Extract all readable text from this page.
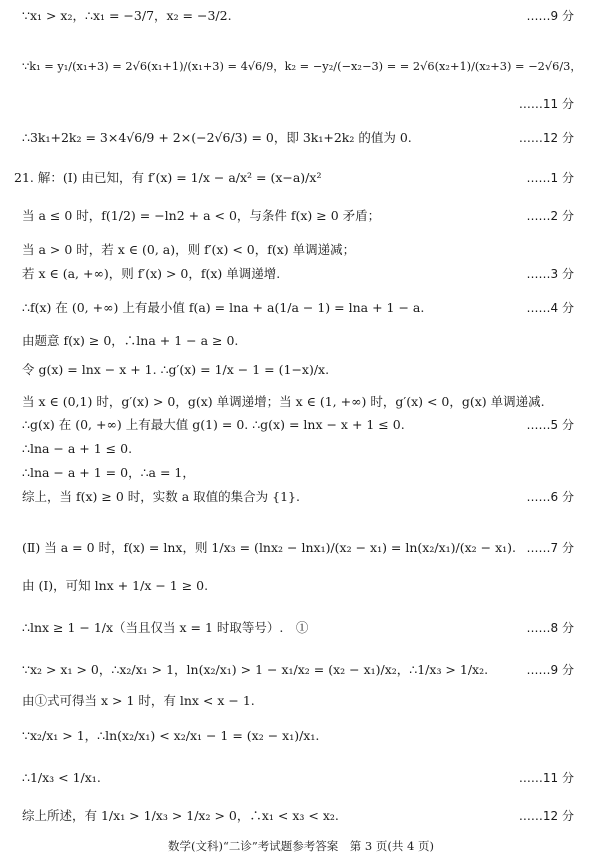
∵x₁ > x₂，∴x₁ = −3/7，x₂ = −3/2.	……9 分
∵k₁ = y₁/(x₁+3) = 2√6(x₁+1)/(x₁+3) = 4√6/9，k₂ = −y₂/(−x₂−3) = = 2√6(x₂+1)/(x₂+3) = −2√6/3，
……11 分
∴3k₁+2k₂ = 3×4√6/9 + 2×(−2√6/3) = 0，即 3k₁+2k₂ 的值为 0.	……12 分
21. 解：(Ⅰ) 由已知，有 f′(x) = 1/x − a/x² = (x−a)/x²	……1 分
当 a ≤ 0 时，f(1/2) = −ln2 + a < 0，与条件 f(x) ≥ 0 矛盾；	……2 分
当 a > 0 时，若 x ∈ (0, a)，则 f′(x) < 0，f(x) 单调递减；
若 x ∈ (a, +∞)，则 f′(x) > 0，f(x) 单调递增.	……3 分
∴f(x) 在 (0, +∞) 上有最小值 f(a) = lna + a(1/a − 1) = lna + 1 − a.	……4 分
由题意 f(x) ≥ 0，∴lna + 1 − a ≥ 0.
令 g(x) = lnx − x + 1. ∴g′(x) = 1/x − 1 = (1−x)/x.
当 x ∈ (0,1) 时，g′(x) > 0，g(x) 单调递增；当 x ∈ (1, +∞) 时，g′(x) < 0，g(x) 单调递减.
∴g(x) 在 (0, +∞) 上有最大值 g(1) = 0. ∴g(x) = lnx − x + 1 ≤ 0.	……5 分
∴lna − a + 1 ≤ 0.
∴lna − a + 1 = 0，∴a = 1，
综上，当 f(x) ≥ 0 时，实数 a 取值的集合为 {1}.	……6 分
(Ⅱ) 当 a = 0 时，f(x) = lnx，则 1/x₃ = (lnx₂ − lnx₁)/(x₂ − x₁) = ln(x₂/x₁)/(x₂ − x₁). ……7 分
由 (Ⅰ)，可知 lnx + 1/x − 1 ≥ 0.
∴lnx ≥ 1 − 1/x（当且仅当 x = 1 时取等号）.　①	……8 分
∵x₂ > x₁ > 0，∴x₂/x₁ > 1，ln(x₂/x₁) > 1 − x₁/x₂ = (x₂ − x₁)/x₂，∴1/x₃ > 1/x₂.	……9 分
由①式可得当 x > 1 时，有 lnx < x − 1.
∵x₂/x₁ > 1，∴ln(x₂/x₁) < x₂/x₁ − 1 = (x₂ − x₁)/x₁.
∴1/x₃ < 1/x₁.	……11 分
综上所述，有 1/x₁ > 1/x₃ > 1/x₂ > 0，∴x₁ < x₃ < x₂.	……12 分
数学(文科)“二诊”考试题参考答案　第 3 页(共 4 页)
